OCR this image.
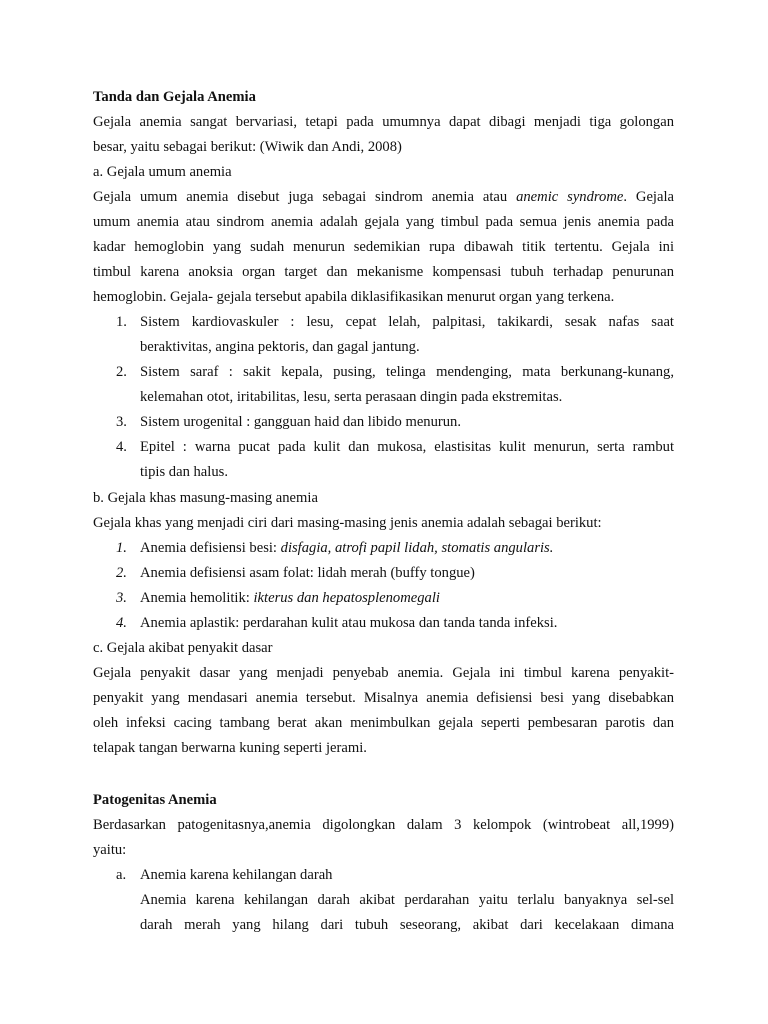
Tanda dan Gejala Anemia
Gejala anemia sangat bervariasi, tetapi pada umumnya dapat dibagi menjadi tiga golongan
besar, yaitu sebagai berikut: (Wiwik dan Andi, 2008)
a. Gejala umum anemia
Gejala umum anemia disebut juga sebagai sindrom anemia atau anemic syndrome. Gejala
umum anemia atau sindrom anemia adalah gejala yang timbul pada semua jenis anemia pada
kadar hemoglobin yang sudah menurun sedemikian rupa dibawah titik tertentu. Gejala ini
timbul karena anoksia organ target dan mekanisme kompensasi tubuh terhadap penurunan
hemoglobin. Gejala- gejala tersebut apabila diklasifikasikan menurut organ yang terkena.
1. Sistem kardiovaskuler : lesu, cepat lelah, palpitasi, takikardi, sesak nafas saat
beraktivitas, angina pektoris, dan gagal jantung.
2. Sistem saraf : sakit kepala, pusing, telinga mendenging, mata berkunang-kunang,
kelemahan otot, iritabilitas, lesu, serta perasaan dingin pada ekstremitas.
3. Sistem urogenital : gangguan haid dan libido menurun.
4. Epitel : warna pucat pada kulit dan mukosa, elastisitas kulit menurun, serta rambut
tipis dan halus.
b. Gejala khas masung-masing anemia
Gejala khas yang menjadi ciri dari masing-masing jenis anemia adalah sebagai berikut:
1. Anemia defisiensi besi: disfagia, atrofi papil lidah, stomatis angularis.
2. Anemia defisiensi asam folat: lidah merah (buffy tongue)
3. Anemia hemolitik: ikterus dan hepatosplenomegali
4. Anemia aplastik: perdarahan kulit atau mukosa dan tanda tanda infeksi.
c. Gejala akibat penyakit dasar
Gejala penyakit dasar yang menjadi penyebab anemia. Gejala ini timbul karena penyakit-
penyakit yang mendasari anemia tersebut. Misalnya anemia defisiensi besi yang disebabkan
oleh infeksi cacing tambang berat akan menimbulkan gejala seperti pembesaran parotis dan
telapak tangan berwarna kuning seperti jerami.
Patogenitas Anemia
Berdasarkan patogenitasnya,anemia digolongkan dalam 3 kelompok (wintrobeat all,1999)
yaitu:
a. Anemia karena kehilangan darah
Anemia karena kehilangan darah akibat perdarahan yaitu terlalu banyaknya sel-sel
darah merah yang hilang dari tubuh seseorang, akibat dari kecelakaan dimana
